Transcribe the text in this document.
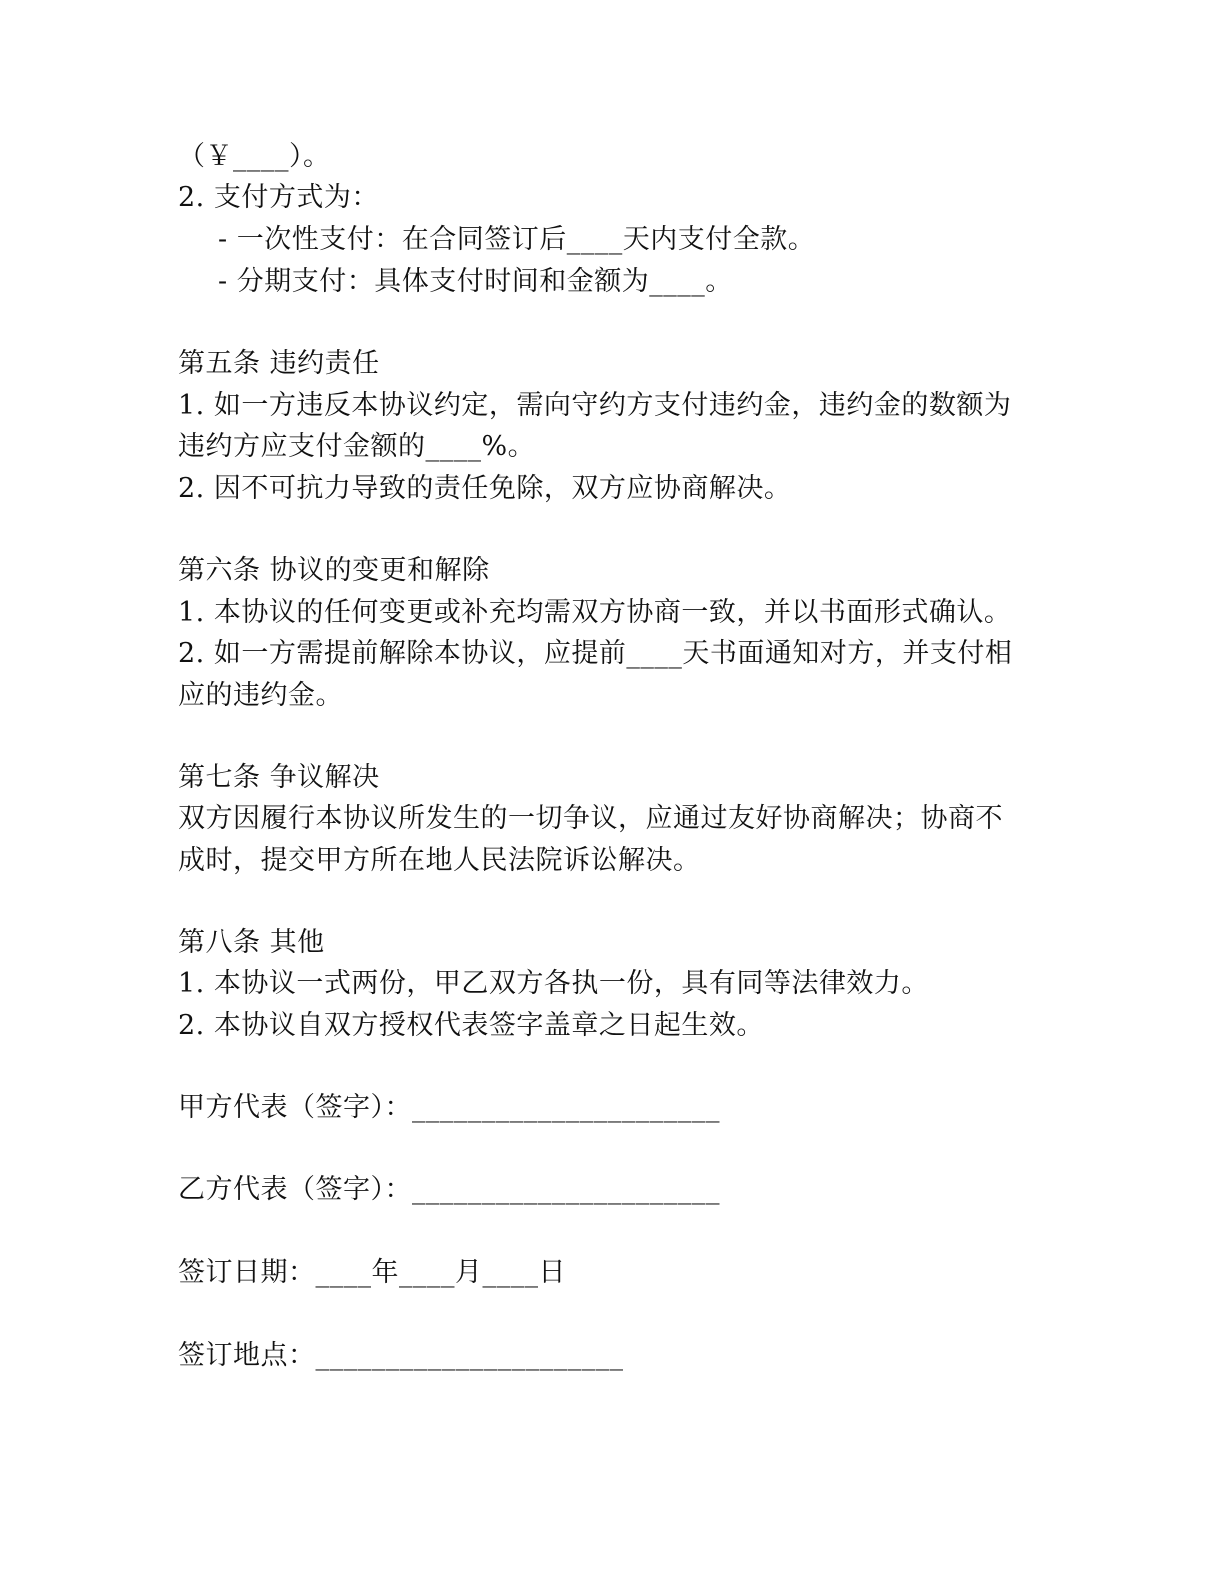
（￥____）。
2. 支付方式为：
- 一次性支付：在合同签订后____天内支付全款。
- 分期支付：具体支付时间和金额为____。
第五条 违约责任
1. 如一方违反本协议约定，需向守约方支付违约金，违约金的数额为
违约方应支付金额的____%。
2. 因不可抗力导致的责任免除，双方应协商解决。
第六条 协议的变更和解除
1. 本协议的任何变更或补充均需双方协商一致，并以书面形式确认。
2. 如一方需提前解除本协议，应提前____天书面通知对方，并支付相
应的违约金。
第七条 争议解决
双方因履行本协议所发生的一切争议，应通过友好协商解决；协商不
成时，提交甲方所在地人民法院诉讼解决。
第八条 其他
1. 本协议一式两份，甲乙双方各执一份，具有同等法律效力。
2. 本协议自双方授权代表签字盖章之日起生效。
甲方代表（签字）：______________________
乙方代表（签字）：______________________
签订日期：____年____月____日
签订地点：______________________
